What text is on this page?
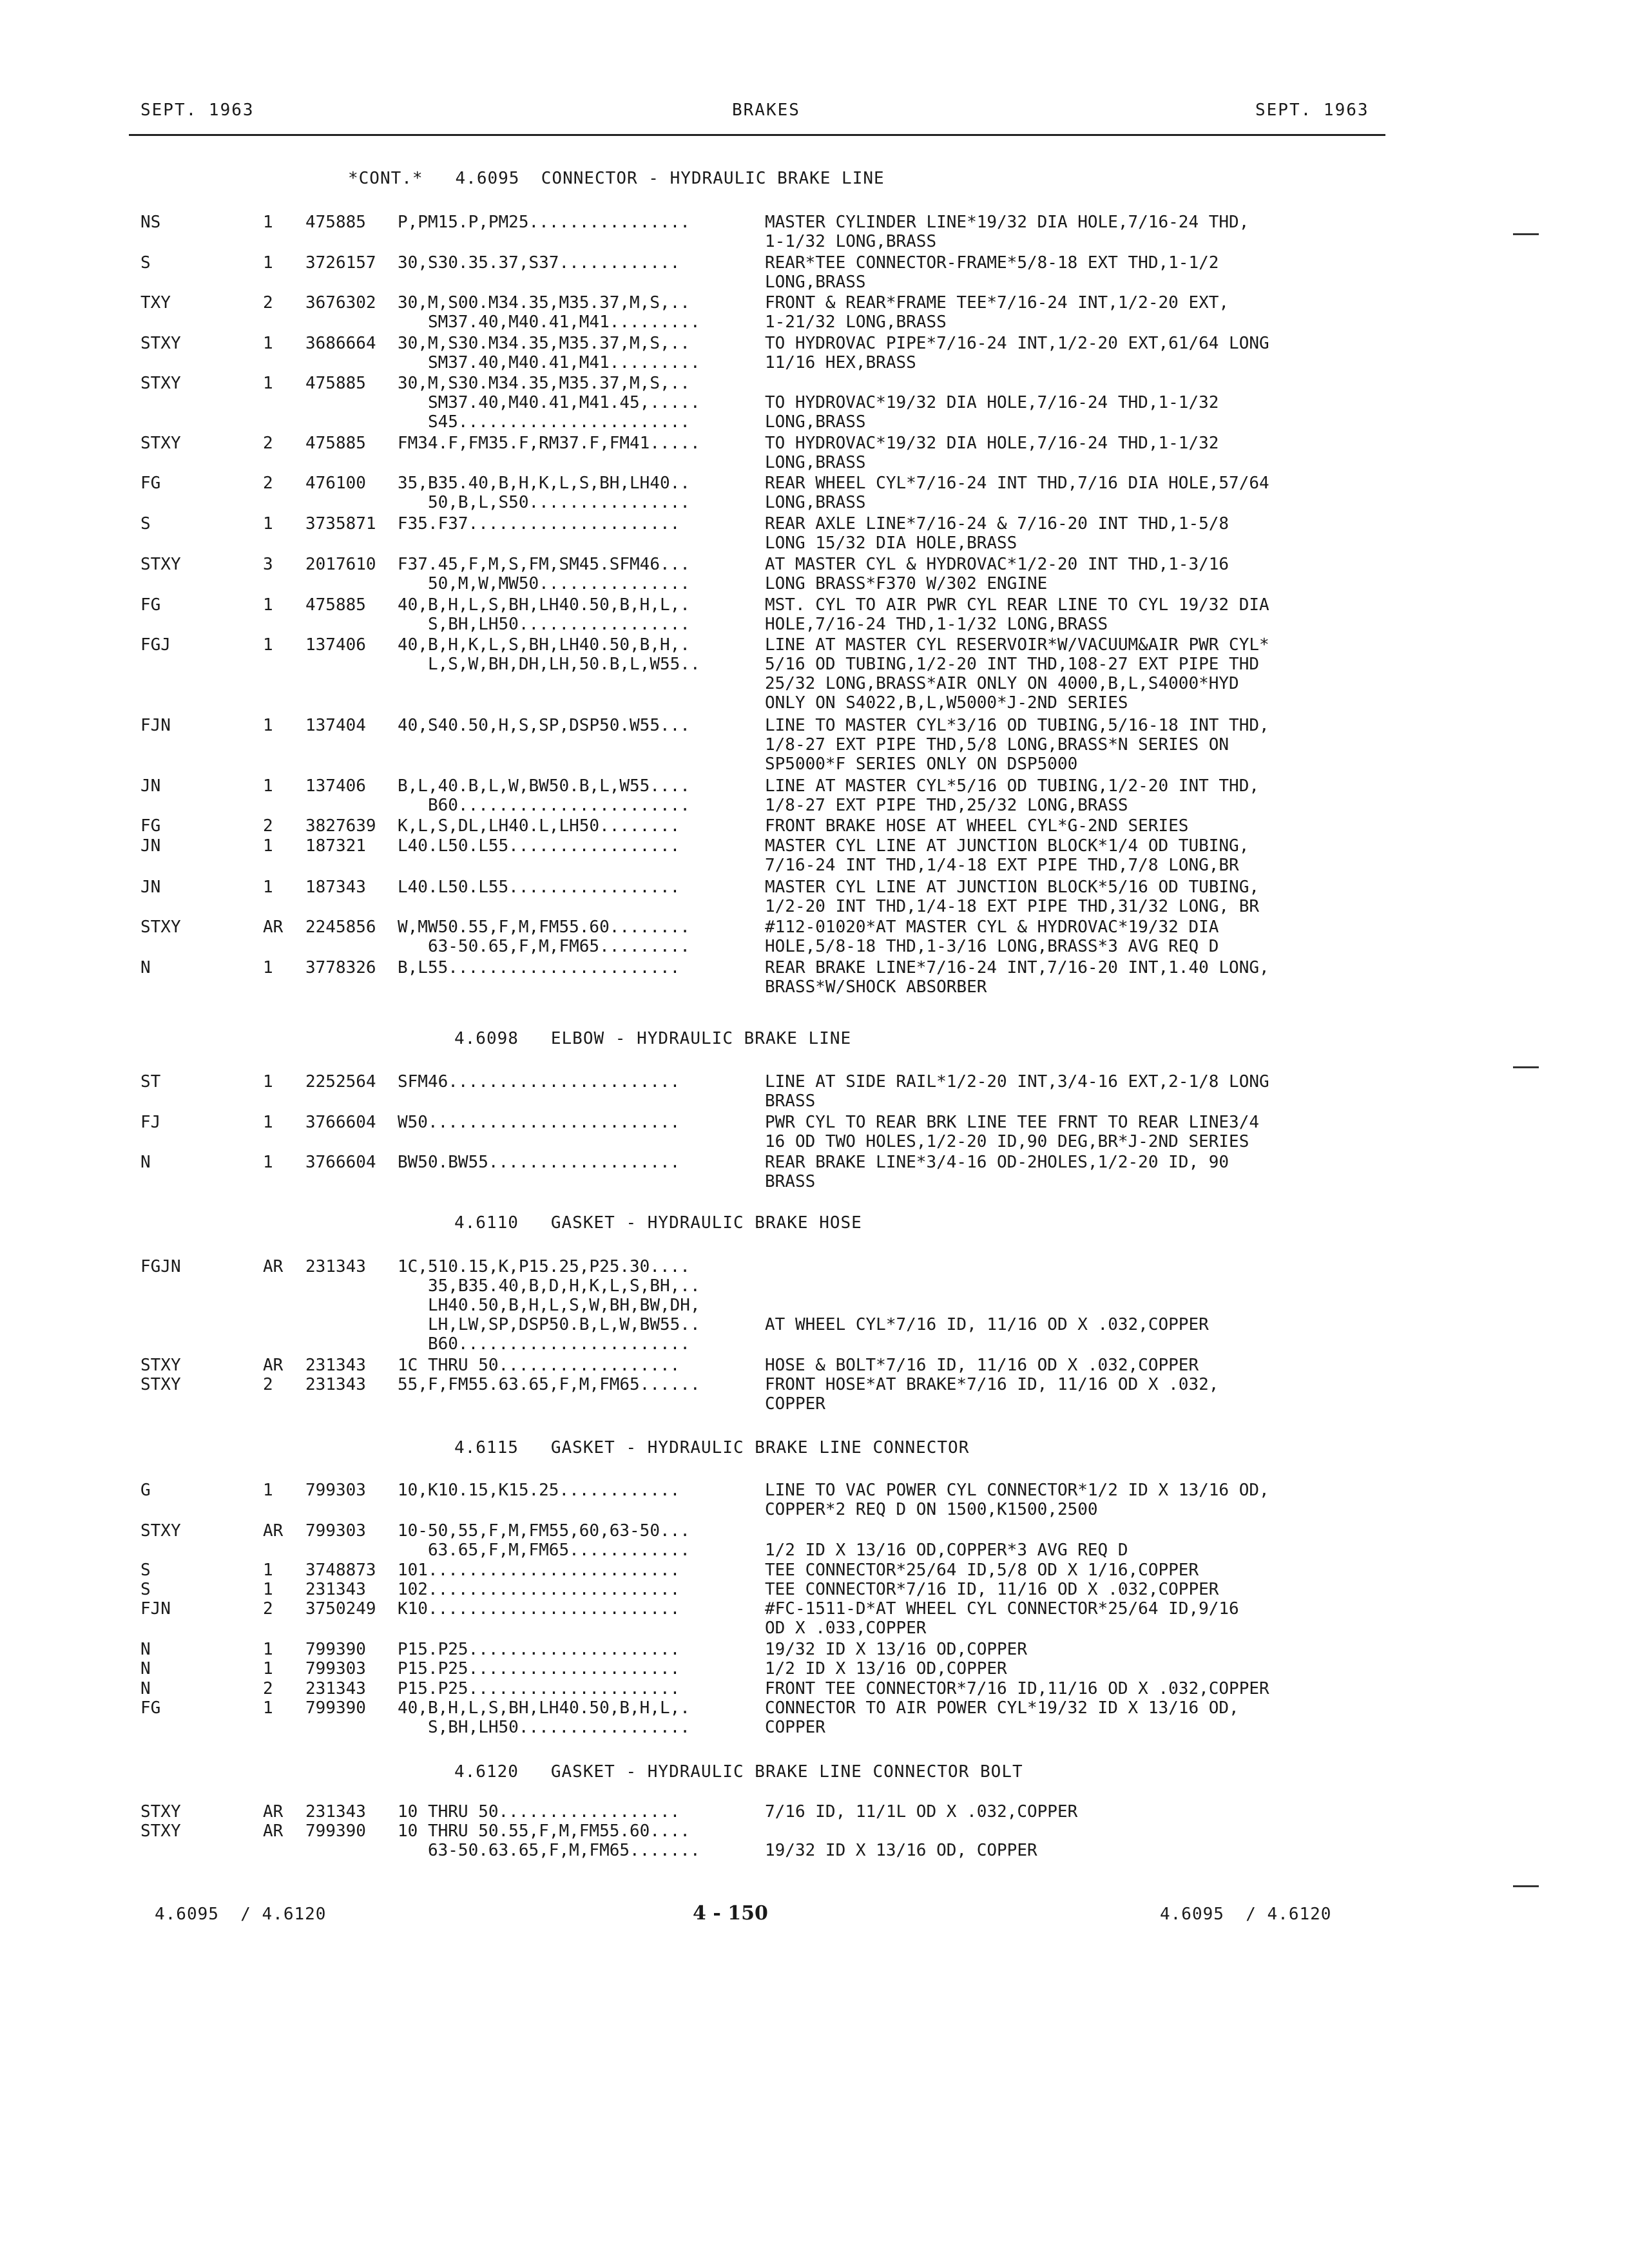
SEPT. 1963	BRAKES	SEPT. 1963
*CONT.*   4.6095  CONNECTOR - HYDRAULIC BRAKE LINE
4.6098   ELBOW - HYDRAULIC BRAKE LINE
4.6110   GASKET - HYDRAULIC BRAKE HOSE
4.6115   GASKET - HYDRAULIC BRAKE LINE CONNECTOR
4.6120   GASKET - HYDRAULIC BRAKE LINE CONNECTOR BOLT
NS	1 475885 P,PM15.P,PM25................	MASTER CYLINDER LINE*19/32 DIA HOLE,7/16-24 THD,
1-1/32 LONG,BRASS
S	1 3726157 30,S30.35.37,S37............	REAR*TEE CONNECTOR-FRAME*5/8-18 EXT THD,1-1/2
LONG,BRASS
TXY	2 3676302 30,M,S00.M34.35,M35.37,M,S,..	FRONT & REAR*FRAME TEE*7/16-24 INT,1/2-20 EXT,
SM37.40,M40.41,M41.........	1-21/32 LONG,BRASS
STXY	1 3686664 30,M,S30.M34.35,M35.37,M,S,..	TO HYDROVAC PIPE*7/16-24 INT,1/2-20 EXT,61/64 LONG
SM37.40,M40.41,M41.........	11/16 HEX,BRASS
STXY	1 475885 30,M,S30.M34.35,M35.37,M,S,..
SM37.40,M40.41,M41.45,.....	TO HYDROVAC*19/32 DIA HOLE,7/16-24 THD,1-1/32
S45.......................	LONG,BRASS
STXY	2 475885 FM34.F,FM35.F,RM37.F,FM41.....	TO HYDROVAC*19/32 DIA HOLE,7/16-24 THD,1-1/32
LONG,BRASS
FG	2 476100 35,B35.40,B,H,K,L,S,BH,LH40..	REAR WHEEL CYL*7/16-24 INT THD,7/16 DIA HOLE,57/64
50,B,L,S50................	LONG,BRASS
S	1 3735871 F35.F37.....................	REAR AXLE LINE*7/16-24 & 7/16-20 INT THD,1-5/8
LONG 15/32 DIA HOLE,BRASS
STXY	3 2017610 F37.45,F,M,S,FM,SM45.SFM46...	AT MASTER CYL & HYDROVAC*1/2-20 INT THD,1-3/16
50,M,W,MW50...............	LONG BRASS*F370 W/302 ENGINE
FG	1 475885 40,B,H,L,S,BH,LH40.50,B,H,L,.	MST. CYL TO AIR PWR CYL REAR LINE TO CYL 19/32 DIA
S,BH,LH50.................	HOLE,7/16-24 THD,1-1/32 LONG,BRASS
FGJ	1 137406 40,B,H,K,L,S,BH,LH40.50,B,H,.	LINE AT MASTER CYL RESERVOIR*W/VACUUM&AIR PWR CYL*
L,S,W,BH,DH,LH,50.B,L,W55..	5/16 OD TUBING,1/2-20 INT THD,108-27 EXT PIPE THD
25/32 LONG,BRASS*AIR ONLY ON 4000,B,L,S4000*HYD
ONLY ON S4022,B,L,W5000*J-2ND SERIES
FJN	1 137404 40,S40.50,H,S,SP,DSP50.W55...	LINE TO MASTER CYL*3/16 OD TUBING,5/16-18 INT THD,
1/8-27 EXT PIPE THD,5/8 LONG,BRASS*N SERIES ON
SP5000*F SERIES ONLY ON DSP5000
JN	1 137406 B,L,40.B,L,W,BW50.B,L,W55....	LINE AT MASTER CYL*5/16 OD TUBING,1/2-20 INT THD,
B60.......................	1/8-27 EXT PIPE THD,25/32 LONG,BRASS
FG	2 3827639 K,L,S,DL,LH40.L,LH50........	FRONT BRAKE HOSE AT WHEEL CYL*G-2ND SERIES
JN	1 187321 L40.L50.L55.................	MASTER CYL LINE AT JUNCTION BLOCK*1/4 OD TUBING,
7/16-24 INT THD,1/4-18 EXT PIPE THD,7/8 LONG,BR
JN	1 187343 L40.L50.L55.................	MASTER CYL LINE AT JUNCTION BLOCK*5/16 OD TUBING,
1/2-20 INT THD,1/4-18 EXT PIPE THD,31/32 LONG, BR
STXY	AR 2245856 W,MW50.55,F,M,FM55.60........	#112-01020*AT MASTER CYL & HYDROVAC*19/32 DIA
63-50.65,F,M,FM65.........	HOLE,5/8-18 THD,1-3/16 LONG,BRASS*3 AVG REQ D
N	1 3778326 B,L55.......................	REAR BRAKE LINE*7/16-24 INT,7/16-20 INT,1.40 LONG,
BRASS*W/SHOCK ABSORBER
ST	1 2252564 SFM46.......................	LINE AT SIDE RAIL*1/2-20 INT,3/4-16 EXT,2-1/8 LONG
BRASS
FJ	1 3766604 W50.........................	PWR CYL TO REAR BRK LINE TEE FRNT TO REAR LINE3/4
16 OD TWO HOLES,1/2-20 ID,90 DEG,BR*J-2ND SERIES
N	1 3766604 BW50.BW55...................	REAR BRAKE LINE*3/4-16 OD-2HOLES,1/2-20 ID, 90
BRASS
FGJN	AR 231343 1C,510.15,K,P15.25,P25.30....
35,B35.40,B,D,H,K,L,S,BH,..
LH40.50,B,H,L,S,W,BH,BW,DH,
LH,LW,SP,DSP50.B,L,W,BW55..	AT WHEEL CYL*7/16 ID, 11/16 OD X .032,COPPER
B60.......................
STXY	AR 231343 1C THRU 50..................	HOSE & BOLT*7/16 ID, 11/16 OD X .032,COPPER
STXY	2 231343 55,F,FM55.63.65,F,M,FM65......	FRONT HOSE*AT BRAKE*7/16 ID, 11/16 OD X .032,
COPPER
G	1 799303 10,K10.15,K15.25............	LINE TO VAC POWER CYL CONNECTOR*1/2 ID X 13/16 OD,
COPPER*2 REQ D ON 1500,K1500,2500
STXY	AR 799303 10-50,55,F,M,FM55,60,63-50...
63.65,F,M,FM65............	1/2 ID X 13/16 OD,COPPER*3 AVG REQ D
S	1 3748873 101.........................	TEE CONNECTOR*25/64 ID,5/8 OD X 1/16,COPPER
S	1 231343 102.........................	TEE CONNECTOR*7/16 ID, 11/16 OD X .032,COPPER
FJN	2 3750249 K10.........................	#FC-1511-D*AT WHEEL CYL CONNECTOR*25/64 ID,9/16
OD X .033,COPPER
N	1 799390 P15.P25.....................	19/32 ID X 13/16 OD,COPPER
N	1 799303 P15.P25.....................	1/2 ID X 13/16 OD,COPPER
N	2 231343 P15.P25.....................	FRONT TEE CONNECTOR*7/16 ID,11/16 OD X .032,COPPER
FG	1 799390 40,B,H,L,S,BH,LH40.50,B,H,L,.	CONNECTOR TO AIR POWER CYL*19/32 ID X 13/16 OD,
S,BH,LH50.................	COPPER
STXY	AR 231343 10 THRU 50..................	7/16 ID, 11/1L OD X .032,COPPER
STXY	AR 799390 10 THRU 50.55,F,M,FM55.60....
63-50.63.65,F,M,FM65.......	19/32 ID X 13/16 OD, COPPER
4.6095  / 4.6120	4 - 150	4.6095  / 4.6120
